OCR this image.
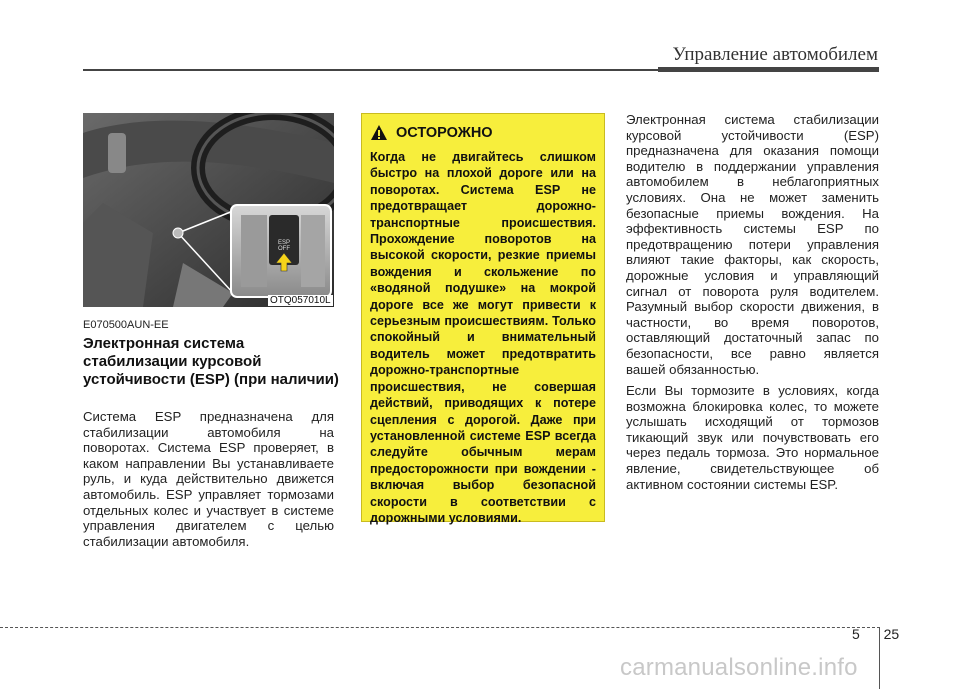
Управление автомобилем
ESP
OFF
OTQ057010L
E070500AUN-EE
Электронная система стабилизации курсовой устойчивости (ESP) (при наличии)
Система ESP предназначена для стабилизации автомобиля на поворотах. Система ESP проверяет, в каком направлении Вы устанавливаете руль, и куда действительно движется автомобиль. ESP управляет тормозами отдельных колес и участвует в системе управления двигателем с целью стабилизации автомобиля.
ОСТОРОЖНО
Когда не двигайтесь слишком быстро на плохой дороге или на поворотах. Система ESP не предотвращает дорожно-транспортные происшествия. Прохождение поворотов на высокой скорости, резкие приемы вождения и скольжение по «водяной подушке» на мокрой дороге все же могут привести к серьезным происшествиям. Только спокойный и внимательный водитель может предотвратить дорожно-транспортные происшествия, не совершая действий, приводящих к потере сцепления с дорогой. Даже при установленной системе ESP всегда следуйте обычным мерам предосторожности при вождении - включая выбор безопасной скорости в соответствии с дорожными условиями.

Электронная система стабилизации курсовой устойчивости (ESP) предназначена для оказания помощи водителю в поддержании управления автомобилем в неблагоприятных условиях. Она не может заменить безопасные приемы вождения. На эффективность системы ESP по предотвращению потери управления влияют такие факторы, как скорость, дорожные условия и управляющий сигнал от поворота руля водителем. Разумный выбор скорости движения, в частности, во время поворотов, оставляющий достаточный запас по безопасности, все равно является вашей обязанностью.

Если Вы тормозите в условиях, когда возможна блокировка колес, то можете услышать исходящий от тормозов тикающий звук или почувствовать его через педаль тормоза. Это нормальное явление, свидетельствующее об активном состоянии системы ESP.

5 25
carmanualsonline.info
